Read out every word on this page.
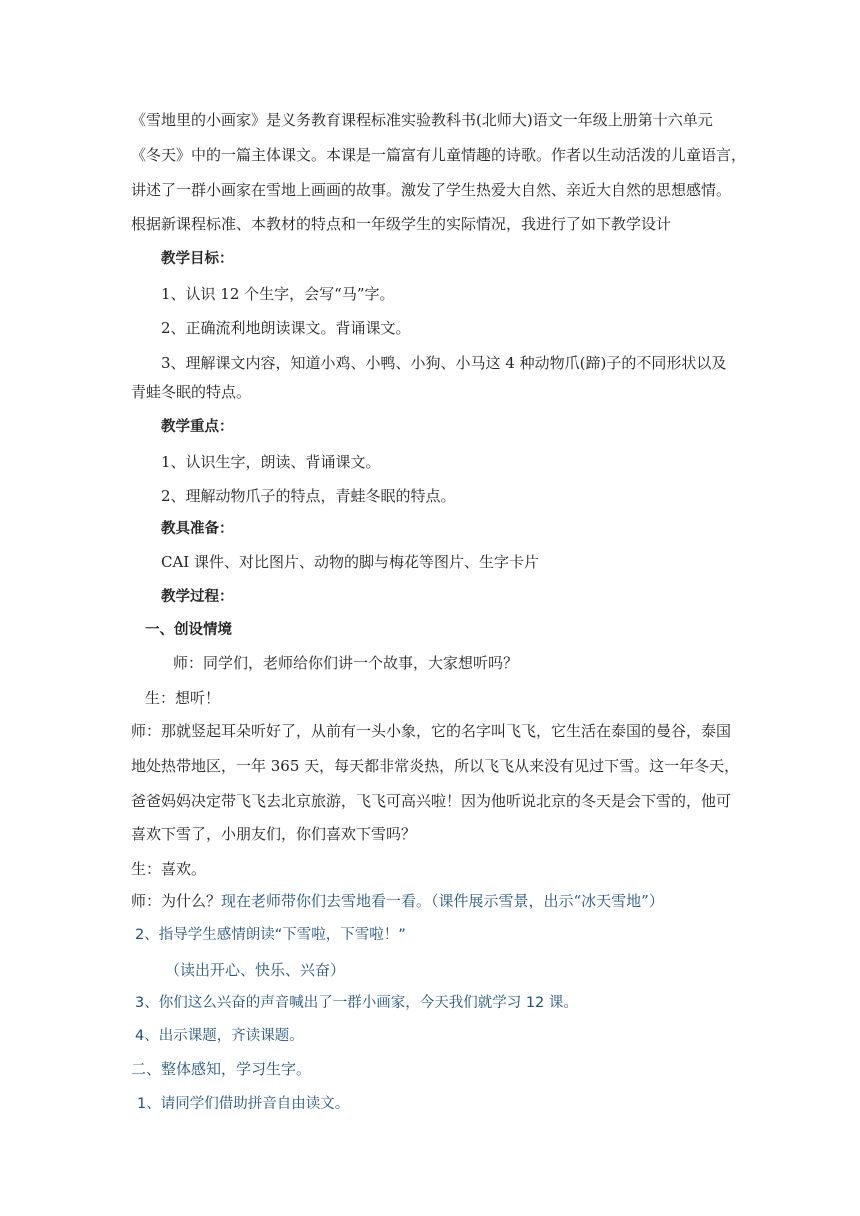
《雪地里的小画家》是义务教育课程标准实验教科书(北师大)语文一年级上册第十六单元
《冬天》中的一篇主体课文。本课是一篇富有儿童情趣的诗歌。作者以生动活泼的儿童语言，
讲述了一群小画家在雪地上画画的故事。激发了学生热爱大自然、亲近大自然的思想感情。
根据新课程标准、本教材的特点和一年级学生的实际情况，我进行了如下教学设计
教学目标：
1、认识 12 个生字，会写“马”字。
2、正确流利地朗读课文。背诵课文。
3、理解课文内容，知道小鸡、小鸭、小狗、小马这 4 种动物爪(蹄)子的不同形状以及
青蛙冬眠的特点。
教学重点：
1、认识生字，朗读、背诵课文。
2、理解动物爪子的特点，青蛙冬眠的特点。
教具准备：
CAI 课件、对比图片、动物的脚与梅花等图片、生字卡片
教学过程：
一、创设情境
师：同学们，老师给你们讲一个故事，大家想听吗？
生：想听！
师：那就竖起耳朵听好了，从前有一头小象，它的名字叫飞飞，它生活在泰国的曼谷，泰国
地处热带地区，一年 365 天，每天都非常炎热，所以飞飞从来没有见过下雪。这一年冬天，
爸爸妈妈决定带飞飞去北京旅游，飞飞可高兴啦！因为他听说北京的冬天是会下雪的，他可
喜欢下雪了，小朋友们，你们喜欢下雪吗？
生：喜欢。
师：为什么？现在老师带你们去雪地看一看。（课件展示雪景，出示“冰天雪地”）
2、指导学生感情朗读“下雪啦，下雪啦！”
（读出开心、快乐、兴奋）
3、你们这么兴奋的声音喊出了一群小画家，今天我们就学习 12 课。
4、出示课题，齐读课题。
二、整体感知，学习生字。
1、请同学们借助拼音自由读文。
